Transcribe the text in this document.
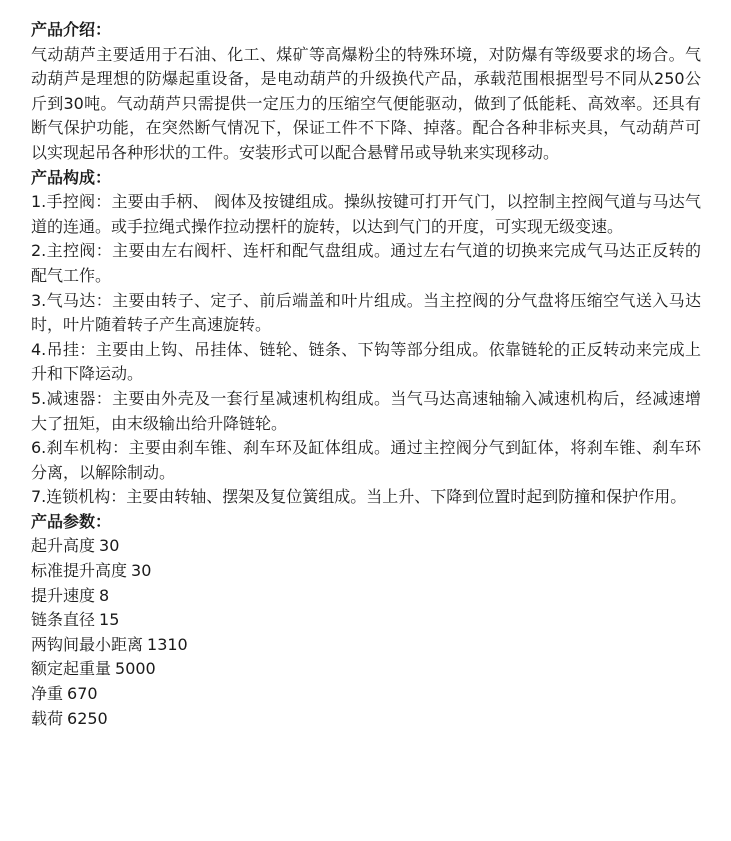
产品介绍：

气动葫芦主要适用于石油、化工、煤矿等高爆粉尘的特殊环境，对防爆有等级要求的场合。气动葫芦是理想的防爆起重设备，是电动葫芦的升级换代产品，承载范围根据型号不同从250公斤到30吨。气动葫芦只需提供一定压力的压缩空气便能驱动，做到了低能耗、高效率。还具有断气保护功能，在突然断气情况下，保证工件不下降、掉落。配合各种非标夹具，气动葫芦可以实现起吊各种形状的工件。安装形式可以配合悬臂吊或导轨来实现移动。

产品构成：

1.手控阀：主要由手柄、 阀体及按键组成。操纵按键可打开气门，以控制主控阀气道与马达气道的连通。或手拉绳式操作拉动摆杆的旋转，以达到气门的开度，可实现无级变速。

2.主控阀：主要由左右阀杆、连杆和配气盘组成。通过左右气道的切换来完成气马达正反转的配气工作。

3.气马达：主要由转子、定子、前后端盖和叶片组成。当主控阀的分气盘将压缩空气送入马达时，叶片随着转子产生高速旋转。

4.吊挂：主要由上钩、吊挂体、链轮、链条、下钩等部分组成。依靠链轮的正反转动来完成上升和下降运动。

5.减速器：主要由外壳及一套行星减速机构组成。当气马达高速轴输入减速机构后，经减速增大了扭矩，由末级输出给升降链轮。

6.刹车机构：主要由刹车锥、刹车环及缸体组成。通过主控阀分气到缸体，将刹车锥、刹车环分离，以解除制动。

7.连锁机构：主要由转轴、摆架及复位簧组成。当上升、下降到位置时起到防撞和保护作用。

产品参数：
起升高度 30
标准提升高度 30
提升速度 8
链条直径 15
两钩间最小距离 1310
额定起重量 5000
净重 670
载荷 6250
